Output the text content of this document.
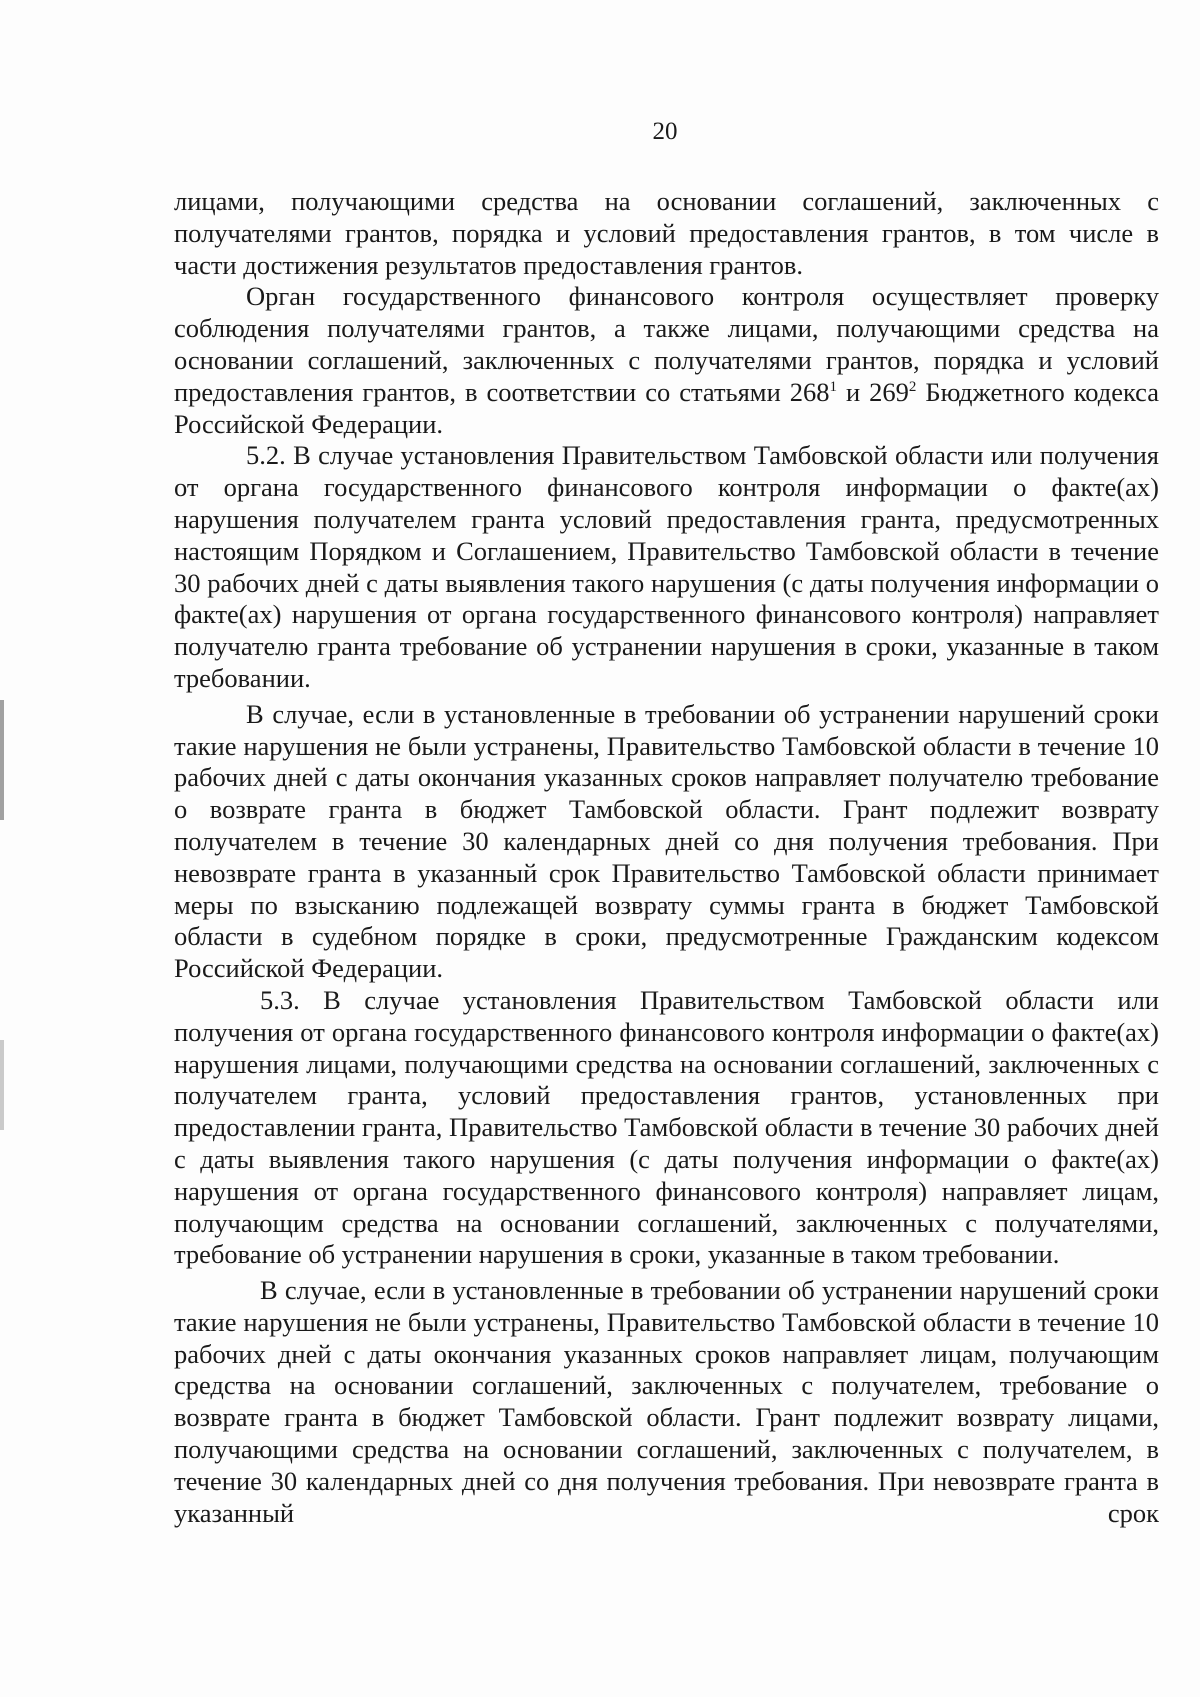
20

лицами, получающими средства на основании соглашений, заключенных с получателями грантов, порядка и условий предоставления грантов, в том числе в части достижения результатов предоставления грантов.

Орган государственного финансового контроля осуществляет проверку соблюдения получателями грантов, а также лицами, получающими средства на основании соглашений, заключенных с получателями грантов, порядка и условий предоставления грантов, в соответствии со статьями $268^1$ и $269^2$ Бюджетного кодекса Российской Федерации.

5.2. В случае установления Правительством Тамбовской области или получения от органа государственного финансового контроля информации о факте(ах) нарушения получателем гранта условий предоставления гранта, предусмотренных настоящим Порядком и Соглашением, Правительство Тамбовской области в течение 30 рабочих дней с даты выявления такого нарушения (с даты получения информации о факте(ах) нарушения от органа государственного финансового контроля) направляет получателю гранта требование об устранении нарушения в сроки, указанные в таком требовании.

В случае, если в установленные в требовании об устранении нарушений сроки такие нарушения не были устранены, Правительство Тамбовской области в течение 10 рабочих дней с даты окончания указанных сроков направляет получателю требование о возврате гранта в бюджет Тамбовской области. Грант подлежит возврату получателем в течение 30 календарных дней со дня получения требования. При невозврате гранта в указанный срок Правительство Тамбовской области принимает меры по взысканию подлежащей возврату суммы гранта в бюджет Тамбовской области в судебном порядке в сроки, предусмотренные Гражданским кодексом Российской Федерации.

5.3. В случае установления Правительством Тамбовской области или получения от органа государственного финансового контроля информации о факте(ах) нарушения лицами, получающими средства на основании соглашений, заключенных с получателем гранта, условий предоставления грантов, установленных при предоставлении гранта, Правительство Тамбовской области в течение 30 рабочих дней с даты выявления такого нарушения (с даты получения информации о факте(ах) нарушения от органа государственного финансового контроля) направляет лицам, получающим средства на основании соглашений, заключенных с получателями, требование об устранении нарушения в сроки, указанные в таком требовании.

В случае, если в установленные в требовании об устранении нарушений сроки такие нарушения не были устранены, Правительство Тамбовской области в течение 10 рабочих дней с даты окончания указанных сроков направляет лицам, получающим средства на основании соглашений, заключенных с получателем, требование о возврате гранта в бюджет Тамбовской области. Грант подлежит возврату лицами, получающими средства на основании соглашений, заключенных с получателем, в течение 30 календарных дней со дня получения требования. При невозврате гранта в указанный срок
